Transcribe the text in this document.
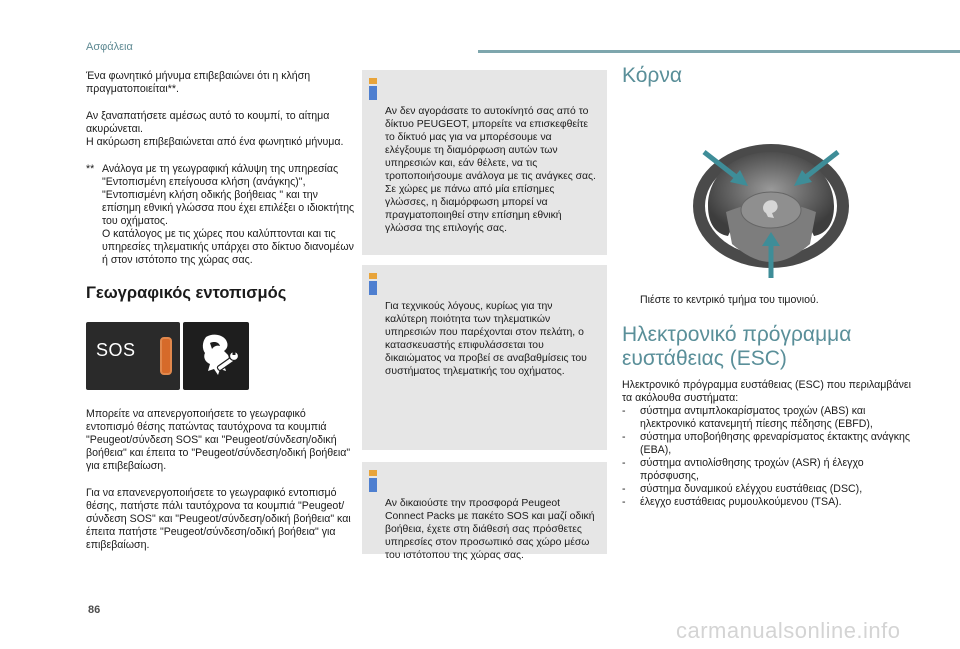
Ασφάλεια

Ένα φωνητικό μήνυμα επιβεβαιώνει ότι η κλήση πραγματοποιείται**.

Αν ξαναπατήσετε αμέσως αυτό το κουμπί, το αίτημα ακυρώνεται.
Η ακύρωση επιβεβαιώνεται από ένα φωνητικό μήνυμα.

** Ανάλογα με τη γεωγραφική κάλυψη της υπηρεσίας "Εντοπισμένη επείγουσα κλήση (ανάγκης)", "Εντοπισμένη κλήση οδικής βοήθειας " και την επίσημη εθνική γλώσσα που έχει επιλέξει ο ιδιοκτήτης του οχήματος.
Ο κατάλογος με τις χώρες που καλύπτονται και τις υπηρεσίες τηλεματικής υπάρχει στο δίκτυο διανομέων ή στον ιστότοπο της χώρας σας.
Γεωγραφικός εντοπισμός
SOS

Μπορείτε να απενεργοποιήσετε το γεωγραφικό εντοπισμό θέσης πατώντας ταυτόχρονα τα κουμπιά "Peugeot/σύνδεση SOS" και "Peugeot/σύνδεση/οδική βοήθεια" και έπειτα το "Peugeot/σύνδεση/οδική βοήθεια" για επιβεβαίωση.

Για να επανενεργοποιήσετε το γεωγραφικό εντοπισμό θέσης, πατήστε πάλι ταυτόχρονα τα κουμπιά "Peugeot/σύνδεση SOS" και "Peugeot/σύνδεση/οδική βοήθεια" και έπειτα πατήστε "Peugeot/σύνδεση/οδική βοήθεια" για επιβεβαίωση.

Αν δεν αγοράσατε το αυτοκίνητό σας από το δίκτυο PEUGEOT, μπορείτε να επισκεφθείτε το δίκτυό μας για να μπορέσουμε να ελέγξουμε τη διαμόρφωση αυτών των υπηρεσιών και, εάν θέλετε, να τις τροποποιήσουμε ανάλογα με τις ανάγκες σας. Σε χώρες με πάνω από μία επίσημες γλώσσες, η διαμόρφωση μπορεί να πραγματοποιηθεί στην επίσημη εθνική γλώσσα της επιλογής σας.

Για τεχνικούς λόγους, κυρίως για την καλύτερη ποιότητα των τηλεματικών υπηρεσιών που παρέχονται στον πελάτη, ο κατασκευαστής επιφυλάσσεται του δικαιώματος να προβεί σε αναβαθμίσεις του συστήματος τηλεματικής του οχήματος.

Αν δικαιούστε την προσφορά Peugeot Connect Packs με πακέτο SOS και μαζί οδική βοήθεια, έχετε στη διάθεσή σας πρόσθετες υπηρεσίες στον προσωπικό σας χώρο μέσω του ιστότοπου της χώρας σας.

Κόρνα
Πιέστε το κεντρικό τμήμα του τιμονιού.
Ηλεκτρονικό πρόγραμμα
ευστάθειας (ESC)
Ηλεκτρονικό πρόγραμμα ευστάθειας (ESC) που περιλαμβάνει τα ακόλουθα συστήματα:
-	σύστημα αντιμπλοκαρίσματος τροχών (ABS) και ηλεκτρονικό κατανεμητή πίεσης πέδησης (EBFD),
-	σύστημα υποβοήθησης φρεναρίσματος έκτακτης ανάγκης (EBA),
-	σύστημα αντιολίσθησης τροχών (ASR) ή έλεγχο πρόσφυσης,
-	σύστημα δυναμικού ελέγχου ευστάθειας (DSC),
-	έλεγχο ευστάθειας ρυμουλκούμενου (TSA).
86
carmanualsonline.info
